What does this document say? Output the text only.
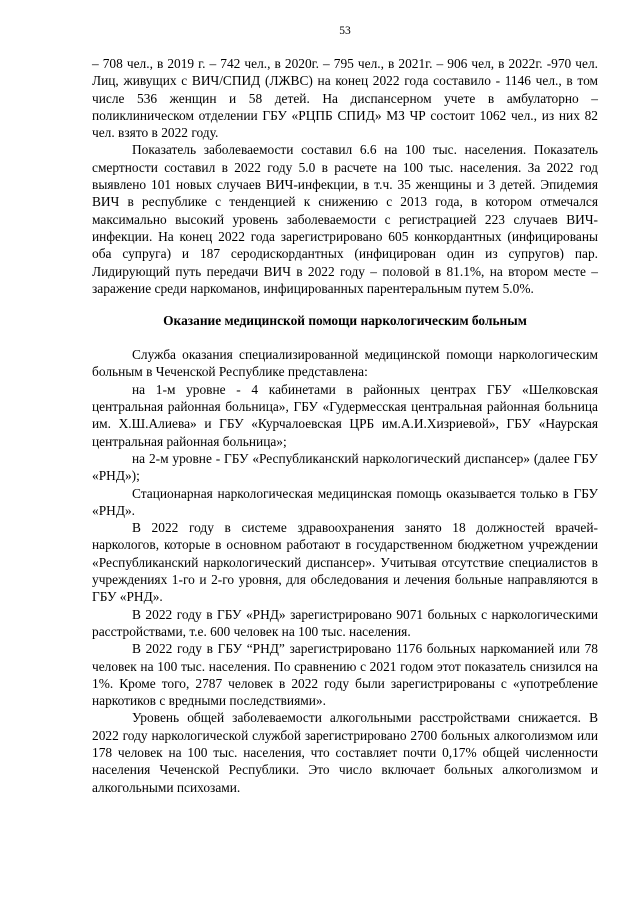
53

– 708 чел., в 2019 г. – 742 чел., в 2020г. – 795 чел., в 2021г. – 906 чел, в 2022г. -970 чел. Лиц, живущих с ВИЧ/СПИД (ЛЖВС) на конец 2022 года составило - 1146 чел., в том числе 536 женщин и 58 детей. На диспансерном учете в амбулаторно – поликлиническом отделении ГБУ «РЦПБ СПИД» МЗ ЧР состоит 1062 чел., из них 82 чел. взято в 2022 году.

Показатель заболеваемости составил 6.6 на 100 тыс. населения. Показатель смертности составил в 2022 году 5.0 в расчете на 100 тыс. населения. За 2022 год выявлено 101 новых случаев ВИЧ-инфекции, в т.ч. 35 женщины и 3 детей. Эпидемия ВИЧ в республике с тенденцией к снижению с 2013 года, в котором отмечался максимально высокий уровень заболеваемости с регистрацией 223 случаев ВИЧ-инфекции. На конец 2022 года зарегистрировано 605 конкордантных (инфицированы оба супруга) и 187 серодискордантных (инфицирован один из супругов) пар. Лидирующий путь передачи ВИЧ в 2022 году – половой в 81.1%, на втором месте – заражение среди наркоманов, инфицированных парентеральным путем 5.0%.

Оказание медицинской помощи наркологическим больным

Служба оказания специализированной медицинской помощи наркологическим больным в Чеченской Республике представлена:

на 1-м уровне - 4 кабинетами в районных центрах ГБУ «Шелковская центральная районная больница», ГБУ «Гудермесская центральная районная больница им. Х.Ш.Алиева» и ГБУ «Курчалоевская ЦРБ им.А.И.Хизриевой», ГБУ «Наурская центральная районная больница»;

на 2-м уровне - ГБУ «Республиканский наркологический диспансер» (далее ГБУ «РНД»);

Стационарная наркологическая медицинская помощь оказывается только в ГБУ «РНД».

В 2022 году в системе здравоохранения занято 18 должностей врачей-наркологов, которые в основном работают в государственном бюджетном учреждении «Республиканский наркологический диспансер». Учитывая отсутствие специалистов в учреждениях 1-го и 2-го уровня, для обследования и лечения больные направляются в ГБУ «РНД».

В 2022 году в ГБУ «РНД» зарегистрировано 9071 больных с наркологическими расстройствами, т.е. 600 человек на 100 тыс. населения.

В 2022 году в ГБУ “РНД” зарегистрировано 1176 больных наркоманией или 78 человек на 100 тыс. населения. По сравнению с 2021 годом этот показатель снизился на 1%. Кроме того, 2787 человек в 2022 году были зарегистрированы с «употребление наркотиков с вредными последствиями».

Уровень общей заболеваемости алкогольными расстройствами снижается. В 2022 году наркологической службой зарегистрировано 2700 больных алкоголизмом или 178 человек на 100 тыс. населения, что составляет почти 0,17% общей численности населения Чеченской Республики. Это число включает больных алкоголизмом и алкогольными психозами.
